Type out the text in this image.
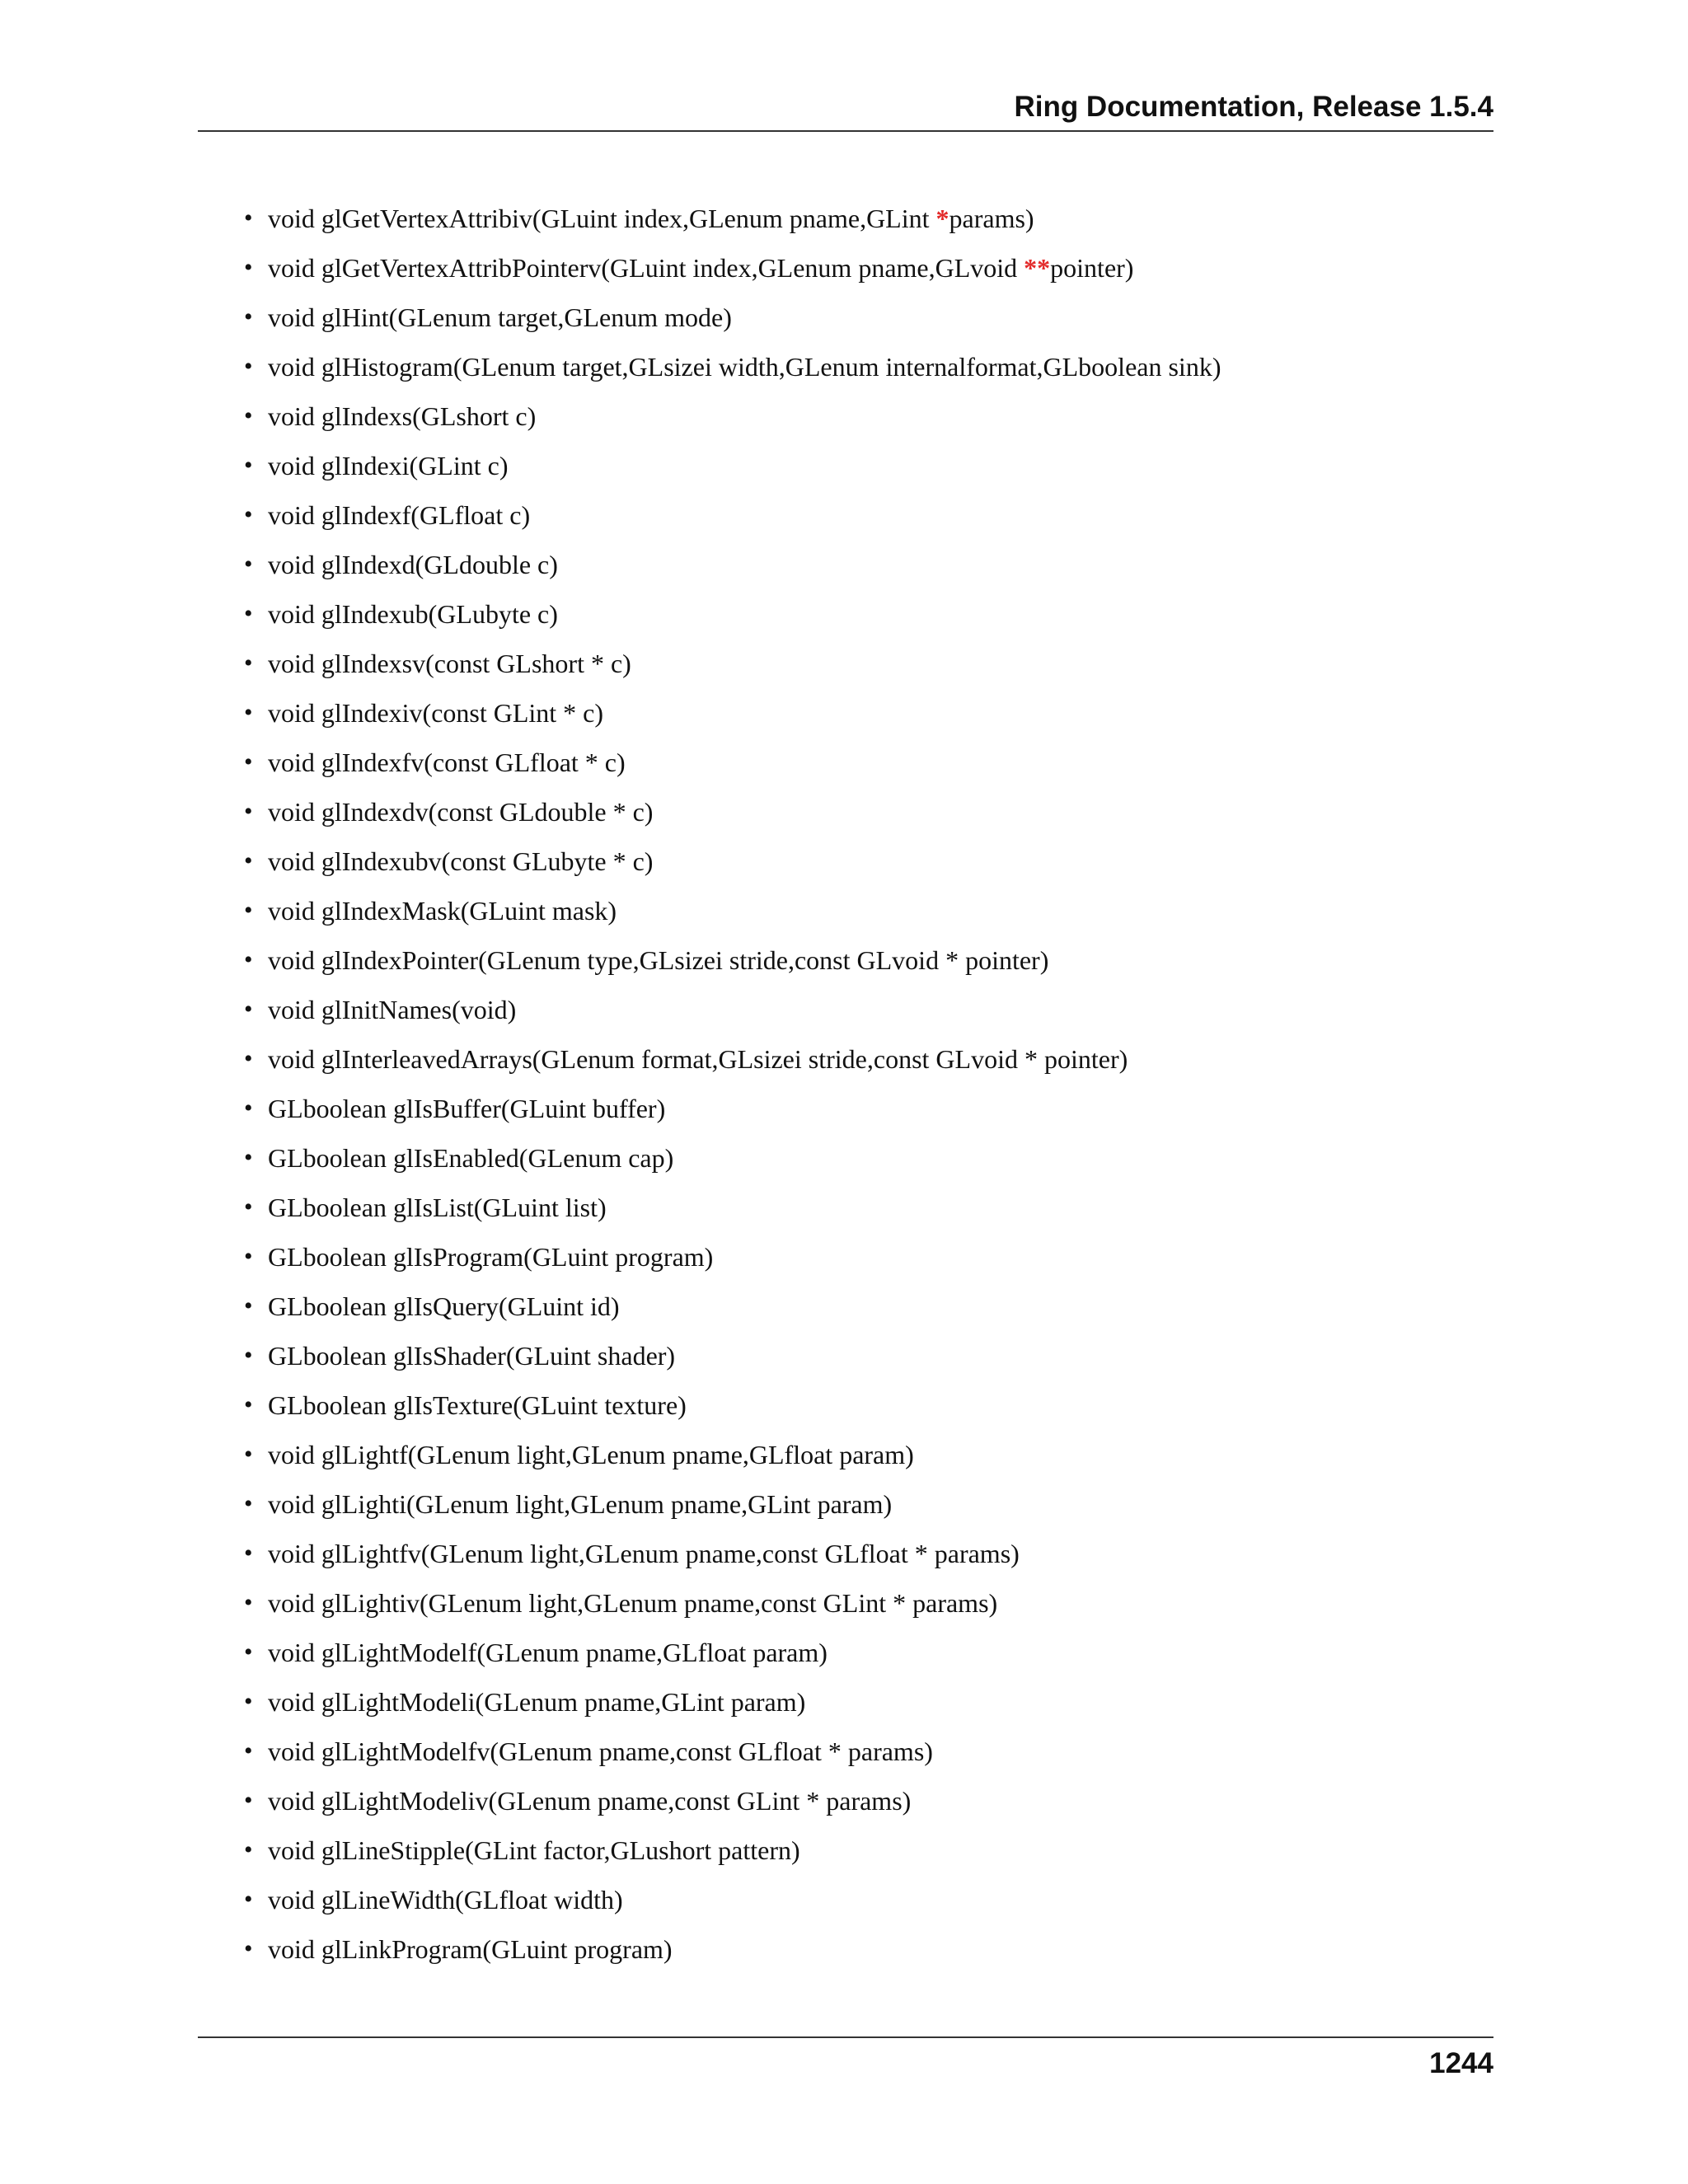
Ring Documentation, Release 1.5.4
• void glGetVertexAttribiv(GLuint index,GLenum pname,GLint *params)
• void glGetVertexAttribPointerv(GLuint index,GLenum pname,GLvoid **pointer)
• void glHint(GLenum target,GLenum mode)
• void glHistogram(GLenum target,GLsizei width,GLenum internalformat,GLboolean sink)
• void glIndexs(GLshort c)
• void glIndexi(GLint c)
• void glIndexf(GLfloat c)
• void glIndexd(GLdouble c)
• void glIndexub(GLubyte c)
• void glIndexsv(const GLshort * c)
• void glIndexiv(const GLint * c)
• void glIndexfv(const GLfloat * c)
• void glIndexdv(const GLdouble * c)
• void glIndexubv(const GLubyte * c)
• void glIndexMask(GLuint mask)
• void glIndexPointer(GLenum type,GLsizei stride,const GLvoid * pointer)
• void glInitNames(void)
• void glInterleavedArrays(GLenum format,GLsizei stride,const GLvoid * pointer)
• GLboolean glIsBuffer(GLuint buffer)
• GLboolean glIsEnabled(GLenum cap)
• GLboolean glIsList(GLuint list)
• GLboolean glIsProgram(GLuint program)
• GLboolean glIsQuery(GLuint id)
• GLboolean glIsShader(GLuint shader)
• GLboolean glIsTexture(GLuint texture)
• void glLightf(GLenum light,GLenum pname,GLfloat param)
• void glLighti(GLenum light,GLenum pname,GLint param)
• void glLightfv(GLenum light,GLenum pname,const GLfloat * params)
• void glLightiv(GLenum light,GLenum pname,const GLint * params)
• void glLightModelf(GLenum pname,GLfloat param)
• void glLightModeli(GLenum pname,GLint param)
• void glLightModelfv(GLenum pname,const GLfloat * params)
• void glLightModeliv(GLenum pname,const GLint * params)
• void glLineStipple(GLint factor,GLushort pattern)
• void glLineWidth(GLfloat width)
• void glLinkProgram(GLuint program)
1244
